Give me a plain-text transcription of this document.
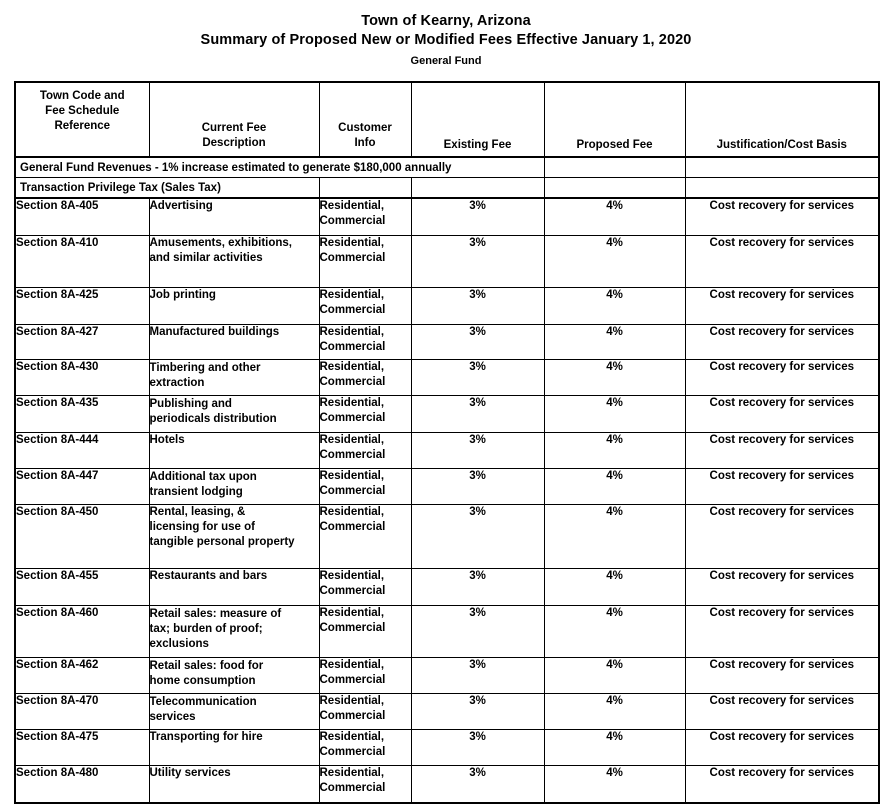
Town of Kearny, Arizona
Summary of Proposed New or Modified Fees Effective January 1, 2020
General Fund
Town Code and
Fee Schedule
Reference	Current Fee
Description

Customer
Info	Existing Fee	Proposed Fee	Justification/Cost Basis
General Fund Revenues - 1% increase estimated to generate $180,000 annually					
Transaction Privilege Tax (Sales Tax)					
Section 8A-405	Advertising	Residential,
Commercial	3%	4%	Cost recovery for services
Section 8A-410	Amusements, exhibitions,
and similar activities	Residential,
Commercial	3%	4%	Cost recovery for services
Section 8A-425	Job printing	Residential,
Commercial	3%	4%	Cost recovery for services
Section 8A-427	Manufactured buildings	Residential,
Commercial	3%	4%	Cost recovery for services
Section 8A-430	Timbering and other
extraction	Residential,
Commercial	3%	4%	Cost recovery for services
Section 8A-435	Publishing and
periodicals distribution	Residential,
Commercial	3%	4%	Cost recovery for services
Section 8A-444	Hotels	Residential,
Commercial	3%	4%	Cost recovery for services
Section 8A-447	Additional tax upon
transient lodging	Residential,
Commercial	3%	4%	Cost recovery for services
Section 8A-450	Rental, leasing, &
licensing for use of
tangible personal property	Residential,
Commercial	3%	4%	Cost recovery for services
Section 8A-455	Restaurants and bars	Residential,
Commercial	3%	4%	Cost recovery for services
Section 8A-460	Retail sales: measure of
tax; burden of proof;
exclusions	Residential,
Commercial	3%	4%	Cost recovery for services
Section 8A-462	Retail sales: food for
home consumption	Residential,
Commercial	3%	4%	Cost recovery for services
Section 8A-470	Telecommunication
services	Residential,
Commercial	3%	4%	Cost recovery for services
Section 8A-475	Transporting for hire	Residential,
Commercial	3%	4%	Cost recovery for services
Section 8A-480	Utility services	Residential,
Commercial	3%	4%	Cost recovery for services
